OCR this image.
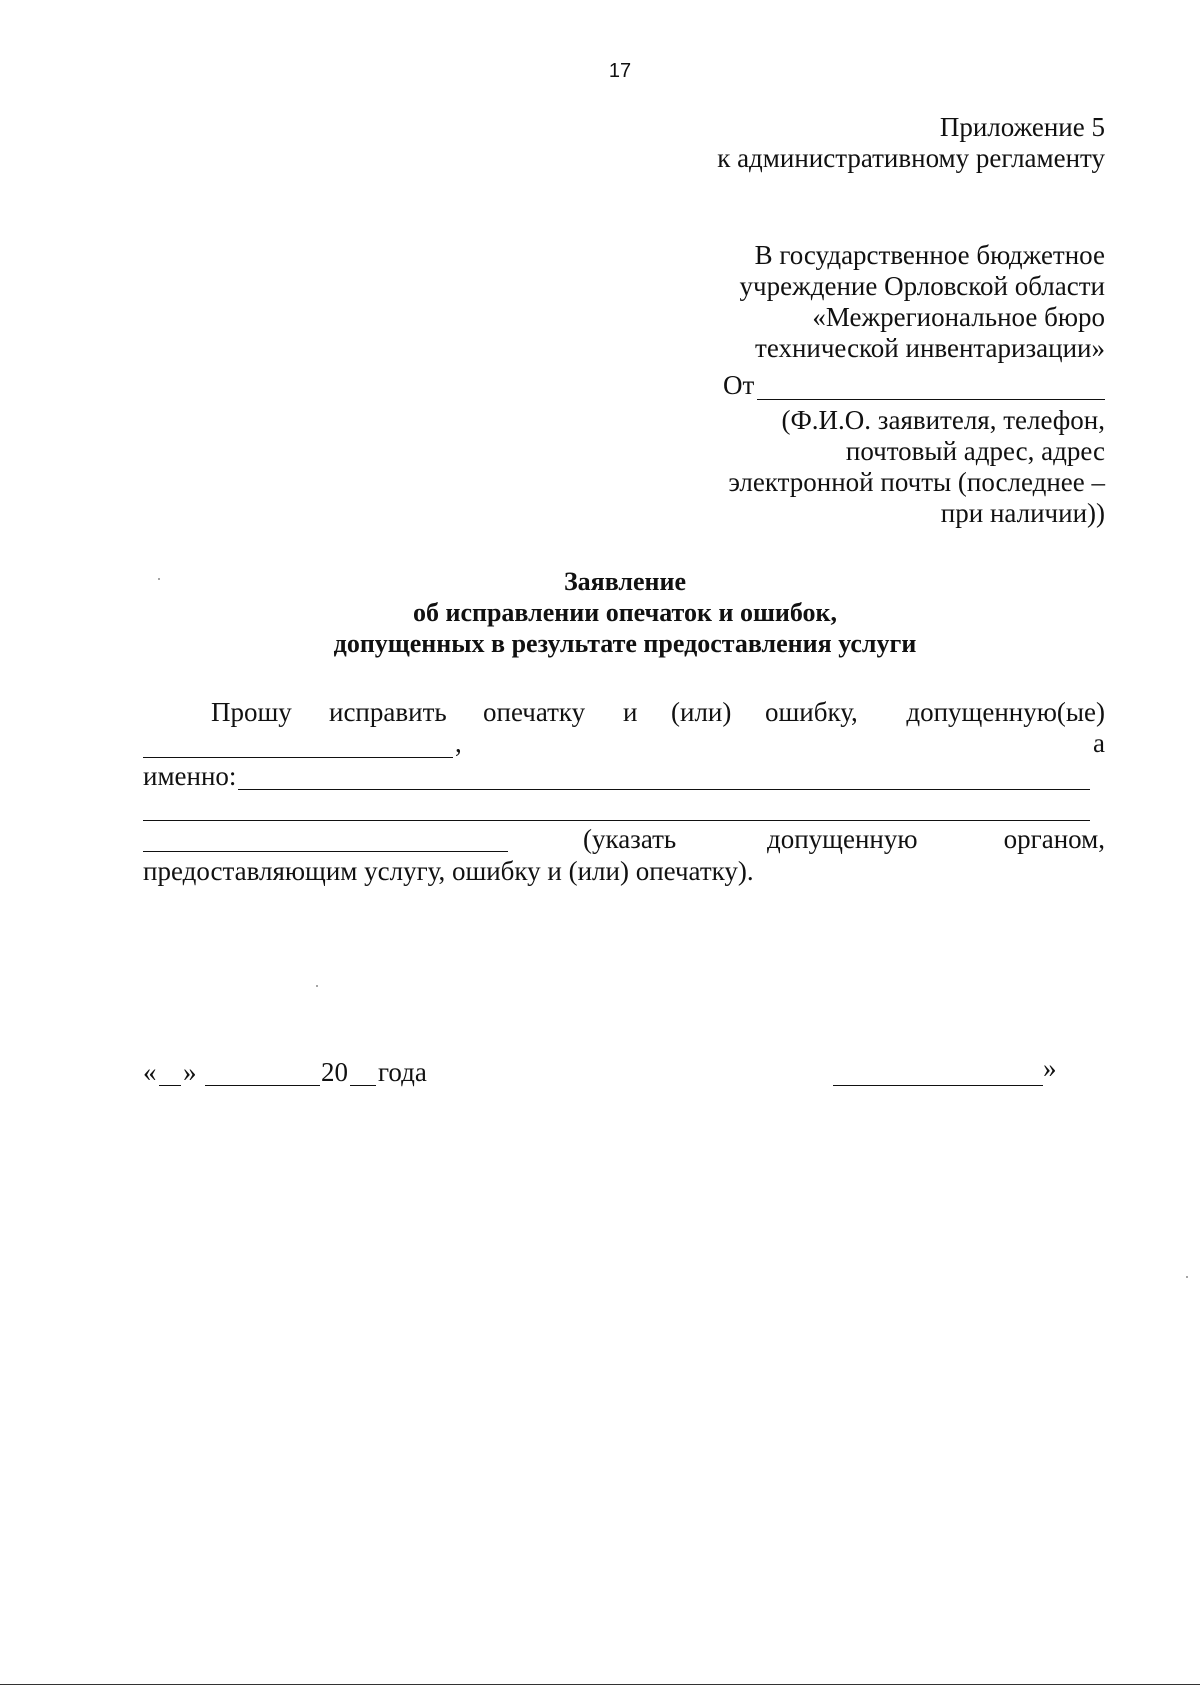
17
Приложение 5
к административному регламенту
В государственное бюджетное
учреждение Орловской области
«Межрегиональное бюро
технической инвентаризации»
От
(Ф.И.О. заявителя, телефон,
почтовый адрес, адрес
электронной почты (последнее –
при наличии))
Заявление
об исправлении опечаток и ошибок,
допущенных в результате предоставления услуги
Прошу исправить опечатку и (или) ошибку, допущенную(ые)
,	а
именно:
(указать	допущенную	органом,
предоставляющим услугу, ошибку и (или) опечатку).
« »	20 года	»
